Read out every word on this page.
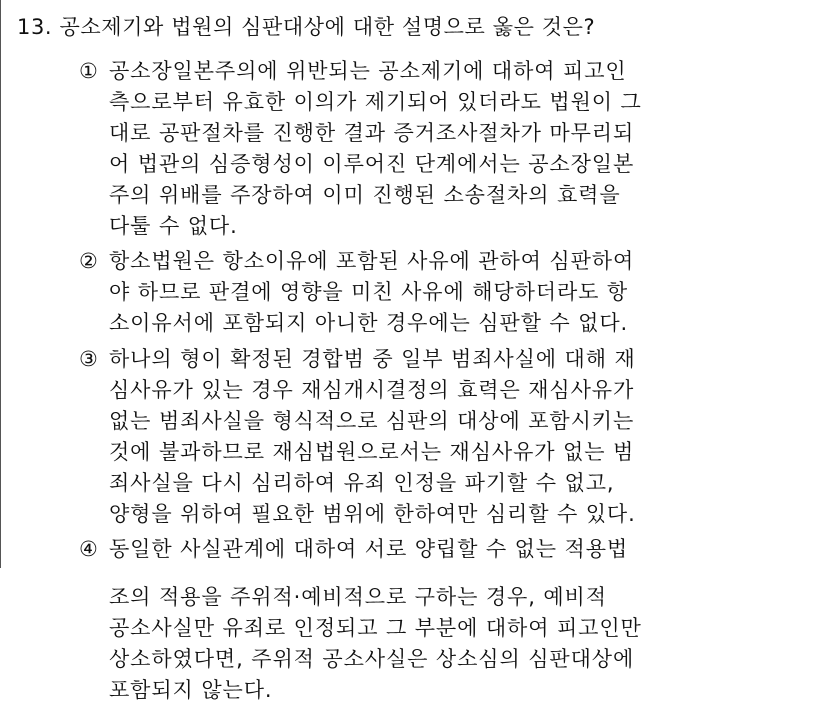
13. 공소제기와 법원의 심판대상에 대한 설명으로 옳은 것은?
① 공소장일본주의에 위반되는 공소제기에 대하여 피고인
측으로부터 유효한 이의가 제기되어 있더라도 법원이 그
대로 공판절차를 진행한 결과 증거조사절차가 마무리되
어 법관의 심증형성이 이루어진 단계에서는 공소장일본
주의 위배를 주장하여 이미 진행된 소송절차의 효력을
다툴 수 없다.
② 항소법원은 항소이유에 포함된 사유에 관하여 심판하여
야 하므로 판결에 영향을 미친 사유에 해당하더라도 항
소이유서에 포함되지 아니한 경우에는 심판할 수 없다.
③ 하나의 형이 확정된 경합범 중 일부 범죄사실에 대해 재
심사유가 있는 경우 재심개시결정의 효력은 재심사유가
없는 범죄사실을 형식적으로 심판의 대상에 포함시키는
것에 불과하므로 재심법원으로서는 재심사유가 없는 범
죄사실을 다시 심리하여 유죄 인정을 파기할 수 없고,
양형을 위하여 필요한 범위에 한하여만 심리할 수 있다.
④ 동일한 사실관계에 대하여 서로 양립할 수 없는 적용법
조의 적용을 주위적·예비적으로 구하는 경우, 예비적
공소사실만 유죄로 인정되고 그 부분에 대하여 피고인만
상소하였다면, 주위적 공소사실은 상소심의 심판대상에
포함되지 않는다.
